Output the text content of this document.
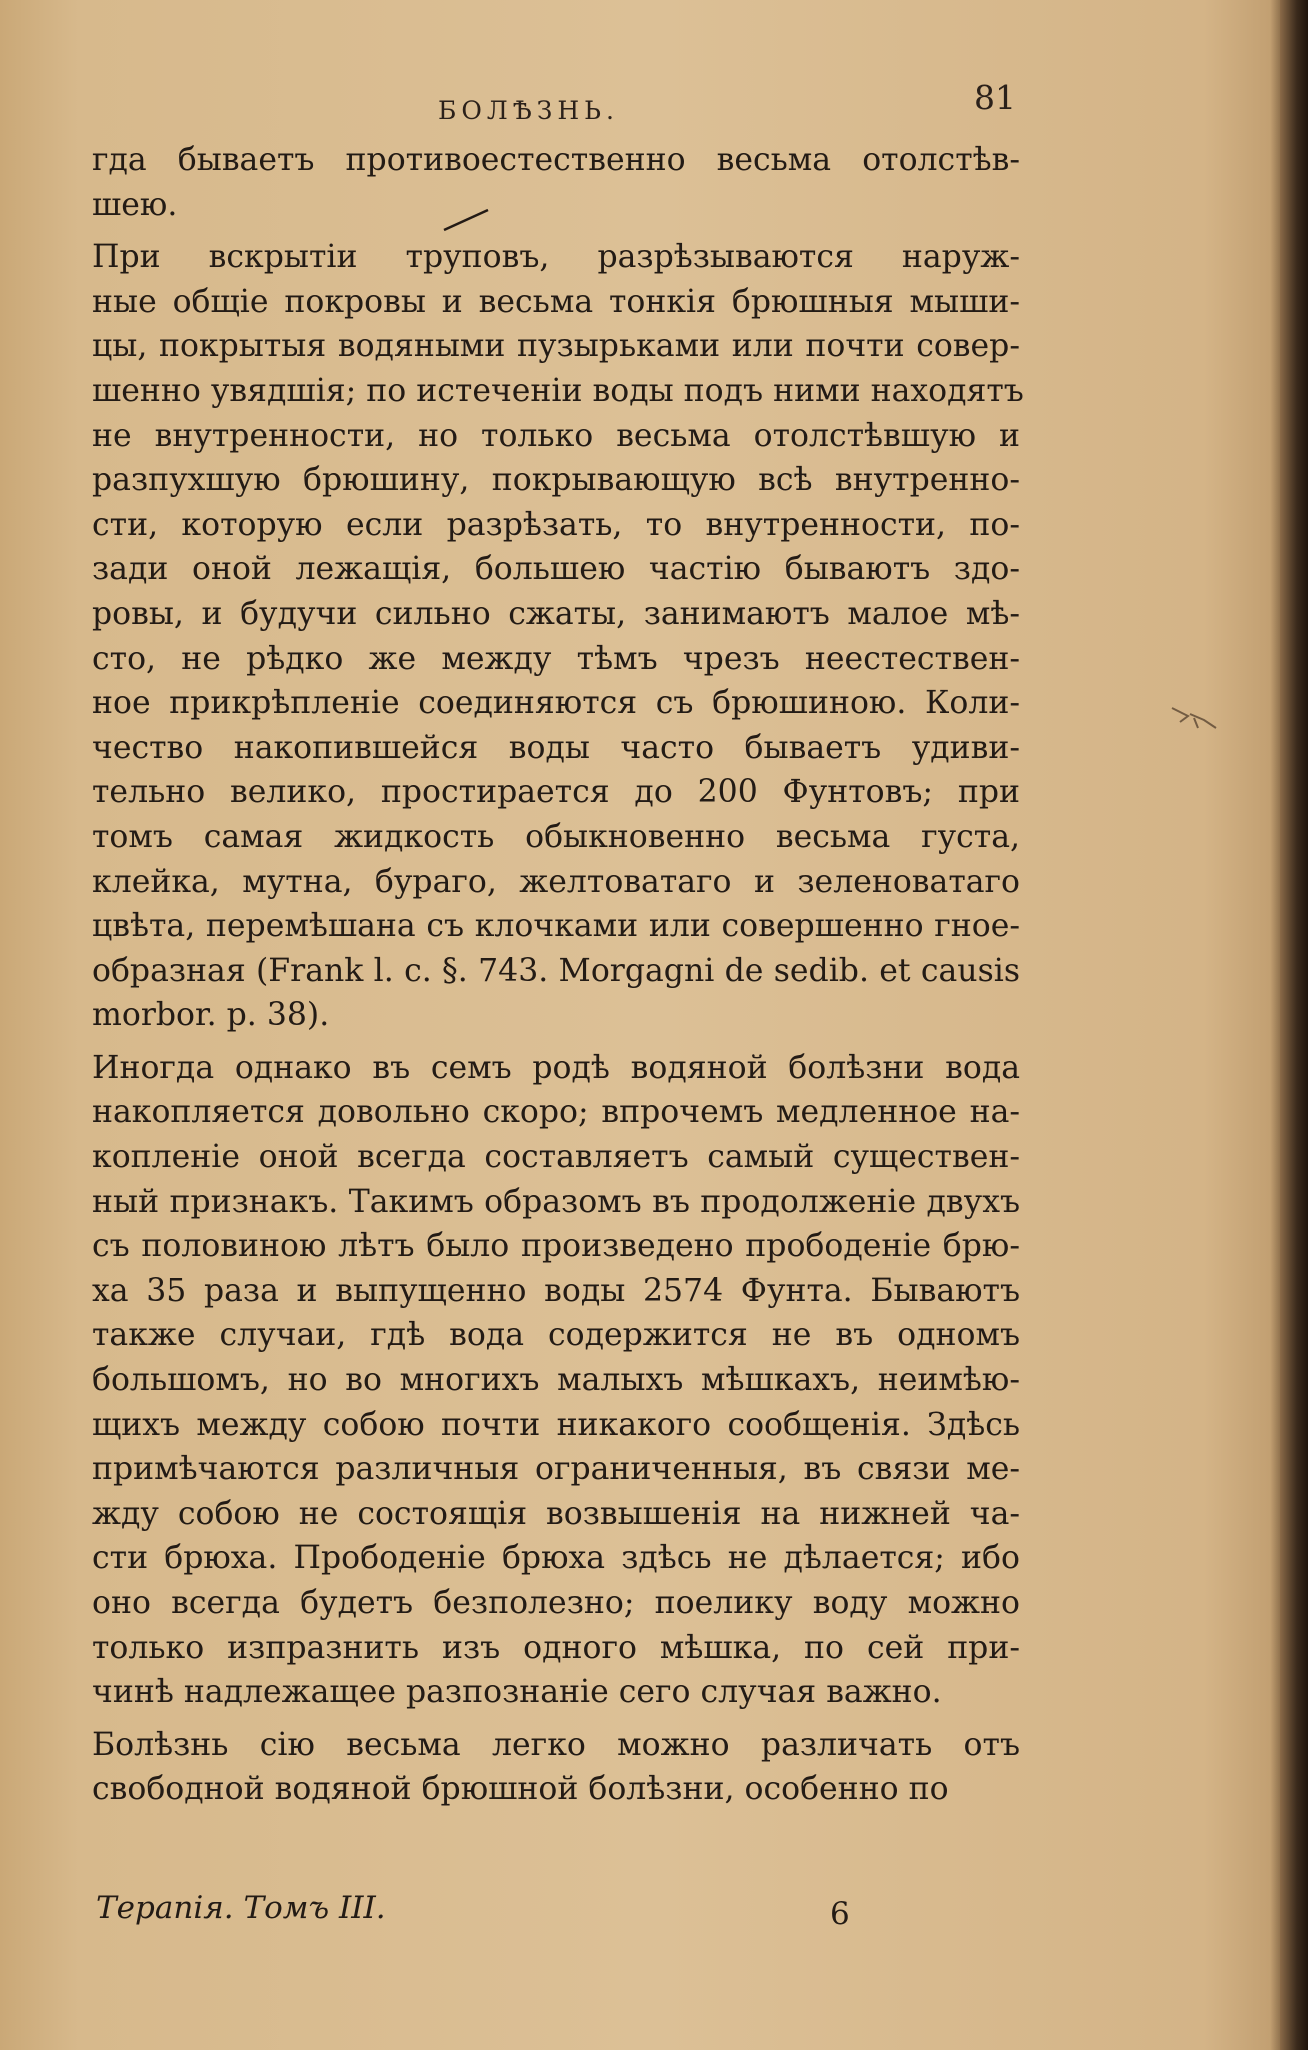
БОЛѢЗНЬ.	81
гда бываетъ противоестественно весьма отолстѣв-
шею.
При вскрытіи труповъ, разрѣзываются наруж-
ные общіе покровы и весьма тонкія брюшныя мыши-
цы, покрытыя водяными пузырьками или почти совер-
шенно увядшія; по истеченіи воды подъ ними находятъ
не внутренности, но только весьма отолстѣвшую и
разпухшую брюшину, покрывающую всѣ внутренно-
сти, которую если разрѣзать, то внутренности, по-
зади оной лежащія, большею частію бываютъ здо-
ровы, и будучи сильно сжаты, занимаютъ малое мѣ-
сто, не рѣдко же между тѣмъ чрезъ неестествен-
ное прикрѣпленіе соединяются съ брюшиною. Коли-
чество накопившейся воды часто бываетъ удиви-
тельно велико, простирается до 200 Фунтовъ; при
томъ самая жидкость обыкновенно весьма густа,
клейка, мутна, бураго, желтоватаго и зеленоватаго
цвѣта, перемѣшана съ клочками или совершенно гное-
образная (Frank l. c. §. 743. Morgagni de sedib. et causis
morbor. p. 38).
Иногда однако въ семъ родѣ водяной болѣзни вода
накопляется довольно скоро; впрочемъ медленное на-
копленіе оной всегда составляетъ самый существен-
ный признакъ. Такимъ образомъ въ продолженіе двухъ
съ половиною лѣтъ было произведено прободеніе брю-
ха 35 раза и выпущенно воды 2574 Фунта. Бываютъ
также случаи, гдѣ вода содержится не въ одномъ
большомъ, но во многихъ малыхъ мѣшкахъ, неимѣю-
щихъ между собою почти никакого сообщенія. Здѣсь
примѣчаются различныя ограниченныя, въ связи ме-
жду собою не состоящія возвышенія на нижней ча-
сти брюха. Прободеніе брюха здѣсь не дѣлается; ибо
оно всегда будетъ безполезно; поелику воду можно
только изпразнить изъ одного мѣшка, по сей при-
чинѣ надлежащее разпознаніе сего случая важно.
Болѣзнь сію весьма легко можно различать отъ
свободной водяной брюшной болѣзни, особенно по
Терапія. Томъ III.	6
